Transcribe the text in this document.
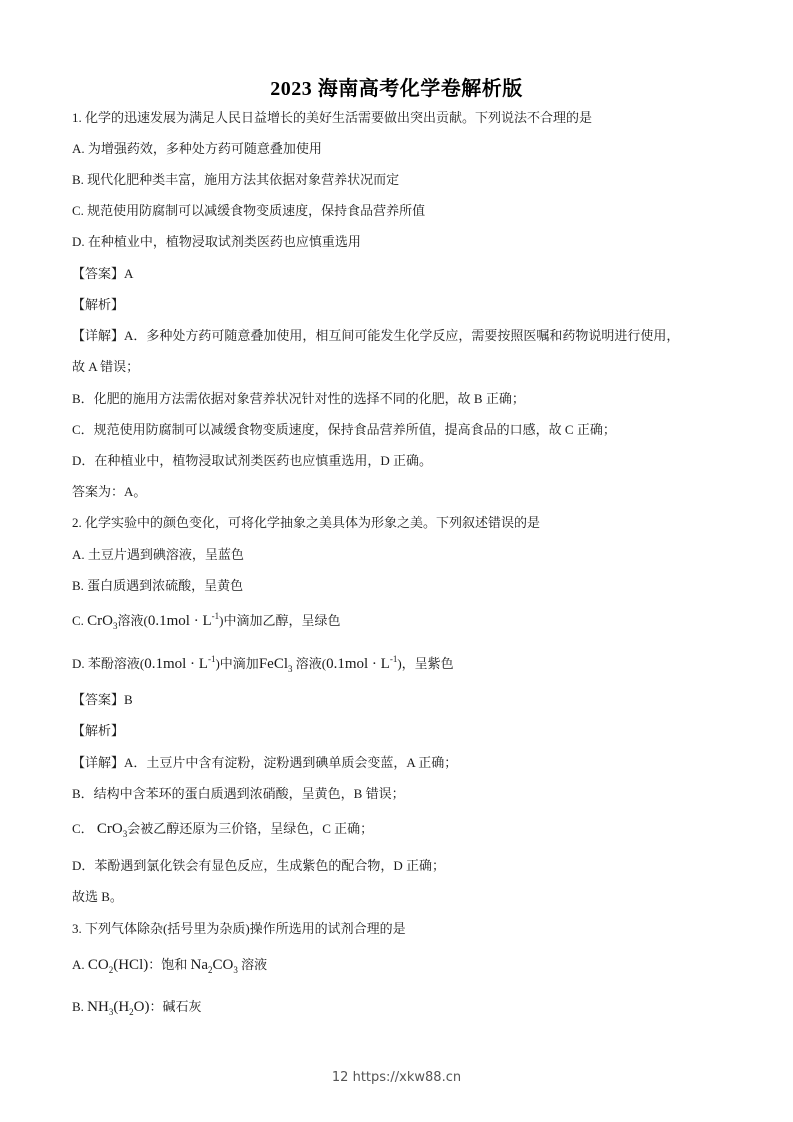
2023 海南高考化学卷解析版
1. 化学的迅速发展为满足人民日益增长的美好生活需要做出突出贡献。下列说法不合理的是
A. 为增强药效，多种处方药可随意叠加使用
B. 现代化肥种类丰富，施用方法其依据对象营养状况而定
C. 规范使用防腐制可以减缓食物变质速度，保持食品营养所值
D. 在种植业中，植物浸取试剂类医药也应慎重选用
【答案】A
【解析】
【详解】A．多种处方药可随意叠加使用，相互间可能发生化学反应，需要按照医嘱和药物说明进行使用，
故 A 错误；
B．化肥的施用方法需依据对象营养状况针对性的选择不同的化肥，故 B 正确；
C．规范使用防腐制可以减缓食物变质速度，保持食品营养所值，提高食品的口感，故 C 正确；
D．在种植业中，植物浸取试剂类医药也应慎重选用，D 正确。
答案为：A。
2. 化学实验中的颜色变化，可将化学抽象之美具体为形象之美。下列叙述错误的是
A. 土豆片遇到碘溶液，呈蓝色
B. 蛋白质遇到浓硫酸，呈黄色
C. CrO$_3$溶液$(0.1mol \cdot L^{-1})$中滴加乙醇，呈绿色
D. 苯酚溶液$(0.1mol \cdot L^{-1})$中滴加FeCl$_3$ 溶液$(0.1mol \cdot L^{-1})$，呈紫色
【答案】B
【解析】
【详解】A．土豆片中含有淀粉，淀粉遇到碘单质会变蓝，A 正确；
B．结构中含苯环的蛋白质遇到浓硝酸，呈黄色，B 错误；
C． CrO$_3$会被乙醇还原为三价铬，呈绿色，C 正确；
D．苯酚遇到氯化铁会有显色反应，生成紫色的配合物，D 正确；
故选 B。
3. 下列气体除杂(括号里为杂质)操作所选用的试剂合理的是
A. $CO_2(HCl)$：饱和 $Na_2CO_3$ 溶液
B. $NH_3(H_2O)$：碱石灰
12 https://xkw88.cn
